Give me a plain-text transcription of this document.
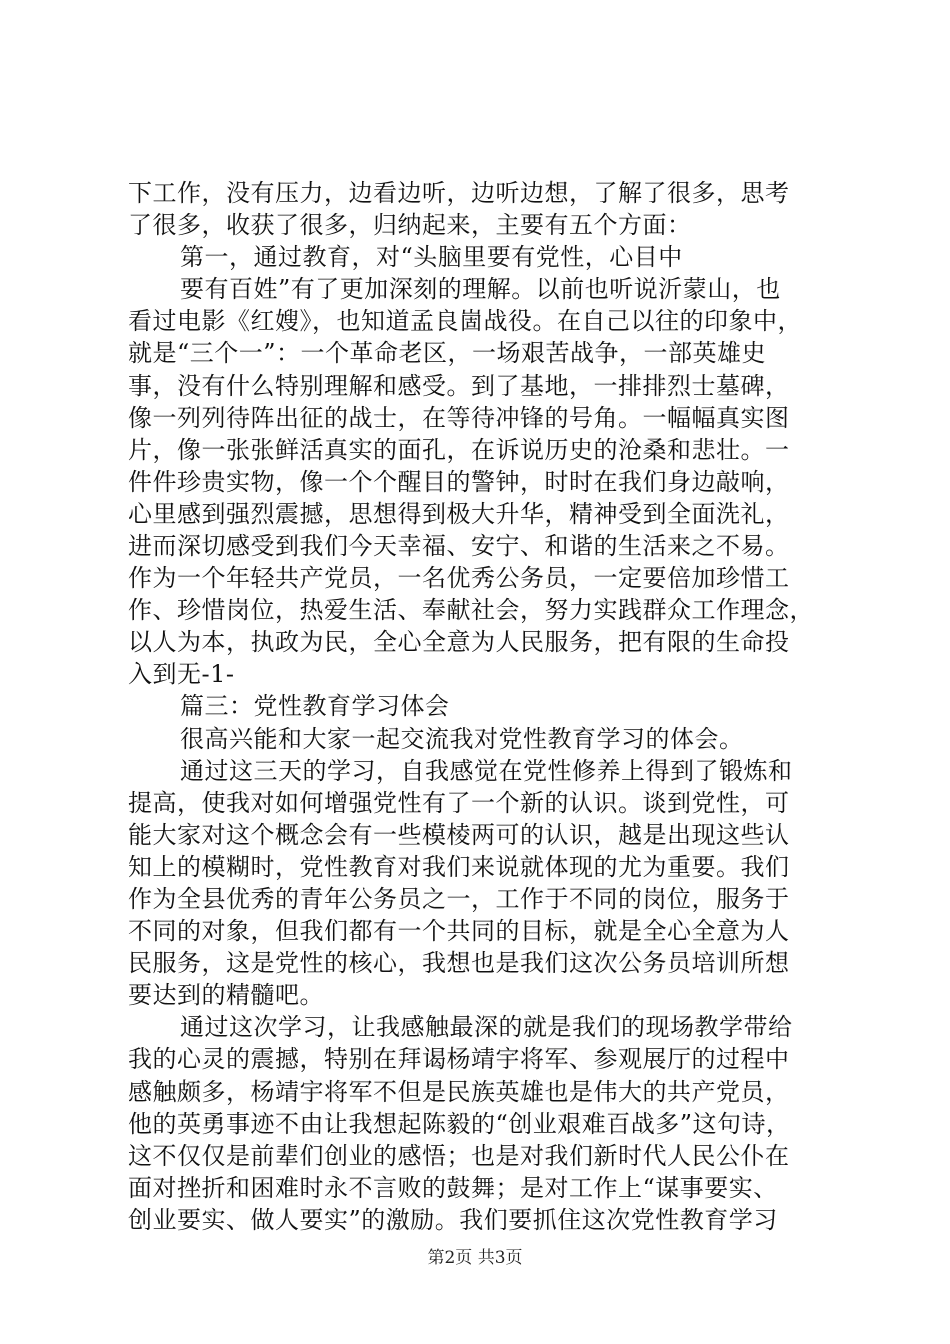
下工作，没有压力，边看边听，边听边想，了解了很多，思考
了很多，收获了很多，归纳起来，主要有五个方面：
第一，通过教育，对“头脑里要有党性，心目中
要有百姓”有了更加深刻的理解。以前也听说沂蒙山，也
看过电影《红嫂》，也知道孟良崮战役。在自己以往的印象中，
就是“三个一”：一个革命老区，一场艰苦战争，一部英雄史
事，没有什么特别理解和感受。到了基地，一排排烈士墓碑，
像一列列待阵出征的战士，在等待冲锋的号角。一幅幅真实图
片，像一张张鲜活真实的面孔，在诉说历史的沧桑和悲壮。一
件件珍贵实物，像一个个醒目的警钟，时时在我们身边敲响，
心里感到强烈震撼，思想得到极大升华，精神受到全面洗礼，
进而深切感受到我们今天幸福、安宁、和谐的生活来之不易。
作为一个年轻共产党员，一名优秀公务员，一定要倍加珍惜工
作、珍惜岗位，热爱生活、奉献社会，努力实践群众工作理念，
以人为本，执政为民，全心全意为人民服务，把有限的生命投
入到无-1-
篇三：党性教育学习体会
很高兴能和大家一起交流我对党性教育学习的体会。
通过这三天的学习，自我感觉在党性修养上得到了锻炼和
提高，使我对如何增强党性有了一个新的认识。谈到党性，可
能大家对这个概念会有一些模棱两可的认识，越是出现这些认
知上的模糊时，党性教育对我们来说就体现的尤为重要。我们
作为全县优秀的青年公务员之一，工作于不同的岗位，服务于
不同的对象，但我们都有一个共同的目标，就是全心全意为人
民服务，这是党性的核心，我想也是我们这次公务员培训所想
要达到的精髓吧。
通过这次学习，让我感触最深的就是我们的现场教学带给
我的心灵的震撼，特别在拜谒杨靖宇将军、参观展厅的过程中
感触颇多，杨靖宇将军不但是民族英雄也是伟大的共产党员，
他的英勇事迹不由让我想起陈毅的“创业艰难百战多”这句诗，
这不仅仅是前辈们创业的感悟；也是对我们新时代人民公仆在
面对挫折和困难时永不言败的鼓舞；是对工作上“谋事要实、
创业要实、做人要实”的激励。我们要抓住这次党性教育学习
第2页 共3页
